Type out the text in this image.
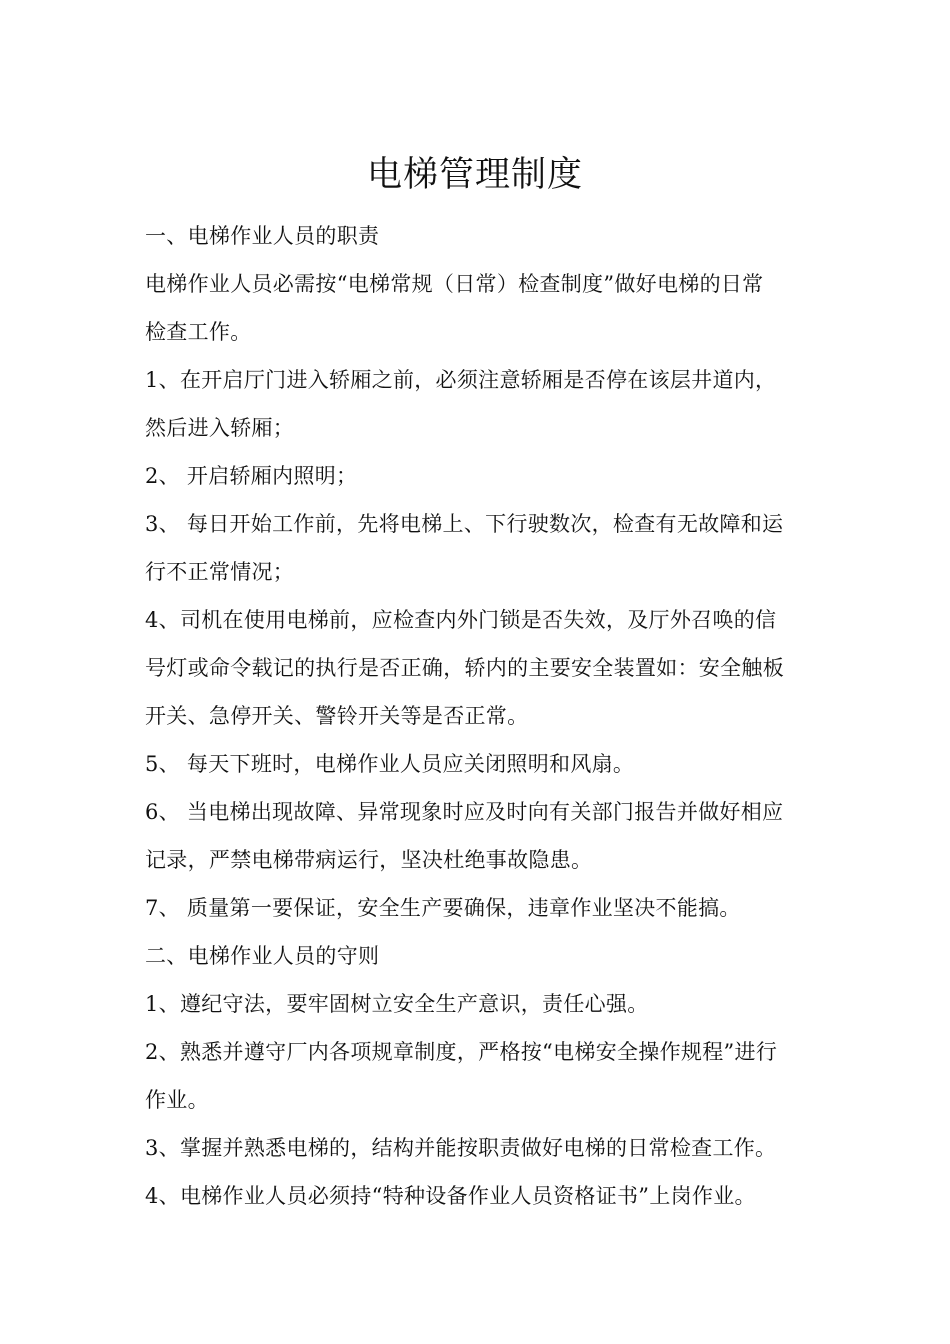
电梯管理制度

一、电梯作业人员的职责

电梯作业人员必需按“电梯常规（日常）检查制度”做好电梯的日常

检查工作。

1、在开启厅门进入轿厢之前，必须注意轿厢是否停在该层井道内，

然后进入轿厢；

2、 开启轿厢内照明；

3、 每日开始工作前，先将电梯上、下行驶数次，检查有无故障和运

行不正常情况；

4、司机在使用电梯前，应检查内外门锁是否失效，及厅外召唤的信

号灯或命令载记的执行是否正确，轿内的主要安全装置如：安全触板

开关、急停开关、警铃开关等是否正常。

5、 每天下班时，电梯作业人员应关闭照明和风扇。

6、 当电梯出现故障、异常现象时应及时向有关部门报告并做好相应

记录，严禁电梯带病运行，坚决杜绝事故隐患。

7、 质量第一要保证，安全生产要确保，违章作业坚决不能搞。

二、电梯作业人员的守则

1、遵纪守法，要牢固树立安全生产意识，责任心强。

2、熟悉并遵守厂内各项规章制度，严格按“电梯安全操作规程”进行

作业。

3、掌握并熟悉电梯的，结构并能按职责做好电梯的日常检查工作。

4、电梯作业人员必须持“特种设备作业人员资格证书”上岗作业。
